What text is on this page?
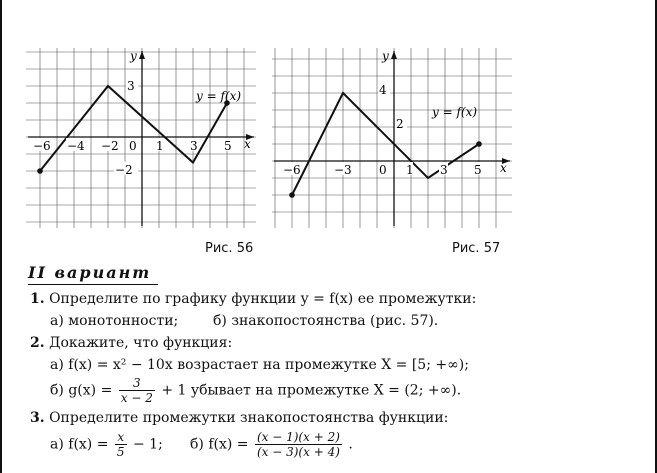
x
y
y = f(x)
−6 −4 −2 0 1 3 5
3
−2
Рис. 56
x
y
y = f(x)
−6	−3 0 1 3 5
4
2
Рис. 57
II вариант
1. Определите по графику функции y = f(x) ее промежутки:
а) монотонности; б) знакопостоянства (рис. 57).
2. Докажите, что функция:
а) f(x) = x² − 10x возрастает на промежутке X = [5; +∞);
б) $g(x) = \frac{3}{x - 2} + 1$ убывает на промежутке X = (2; +∞).
3. Определите промежутки знакопостоянства функции:
а) $f(x) = \frac{x}{5} - 1$; б) $f(x) = \frac{(x - 1)(x + 2)}{(x - 3)(x + 4)}$ .
